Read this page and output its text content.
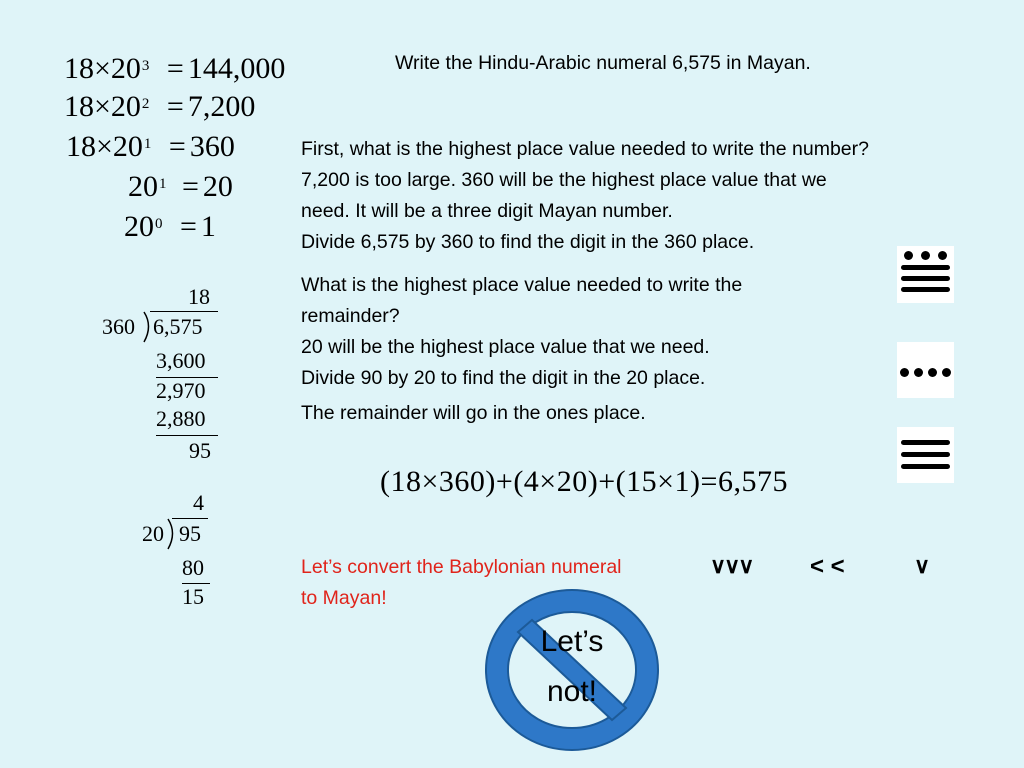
$18\times 20^3 = 144,000$
$18\times 20^2 = 7,200$
$18\times 20^1 = 360$
$20^1 = 20$
$20^0 = 1$
18
360 6,575
3,600
2,970
2,880
95
4
20 95
80
15
Write the Hindu-Arabic numeral 6,575 in Mayan.
First, what is the highest place value needed to write the number?
7,200 is too large. 360 will be the highest place value that we
need. It will be a three digit Mayan number.
Divide 6,575 by 360 to find the digit in the 360 place.
What is the highest place value needed to write the
remainder?
20 will be the highest place value that we need.
Divide 90 by 20 to find the digit in the 20 place.
The remainder will go in the ones place.
(18×360)+(4×20)+(15×1)=6,575
Let’s convert the Babylonian numeral
to Mayan!
∨∨∨ < <	∨
Let’s
not!
